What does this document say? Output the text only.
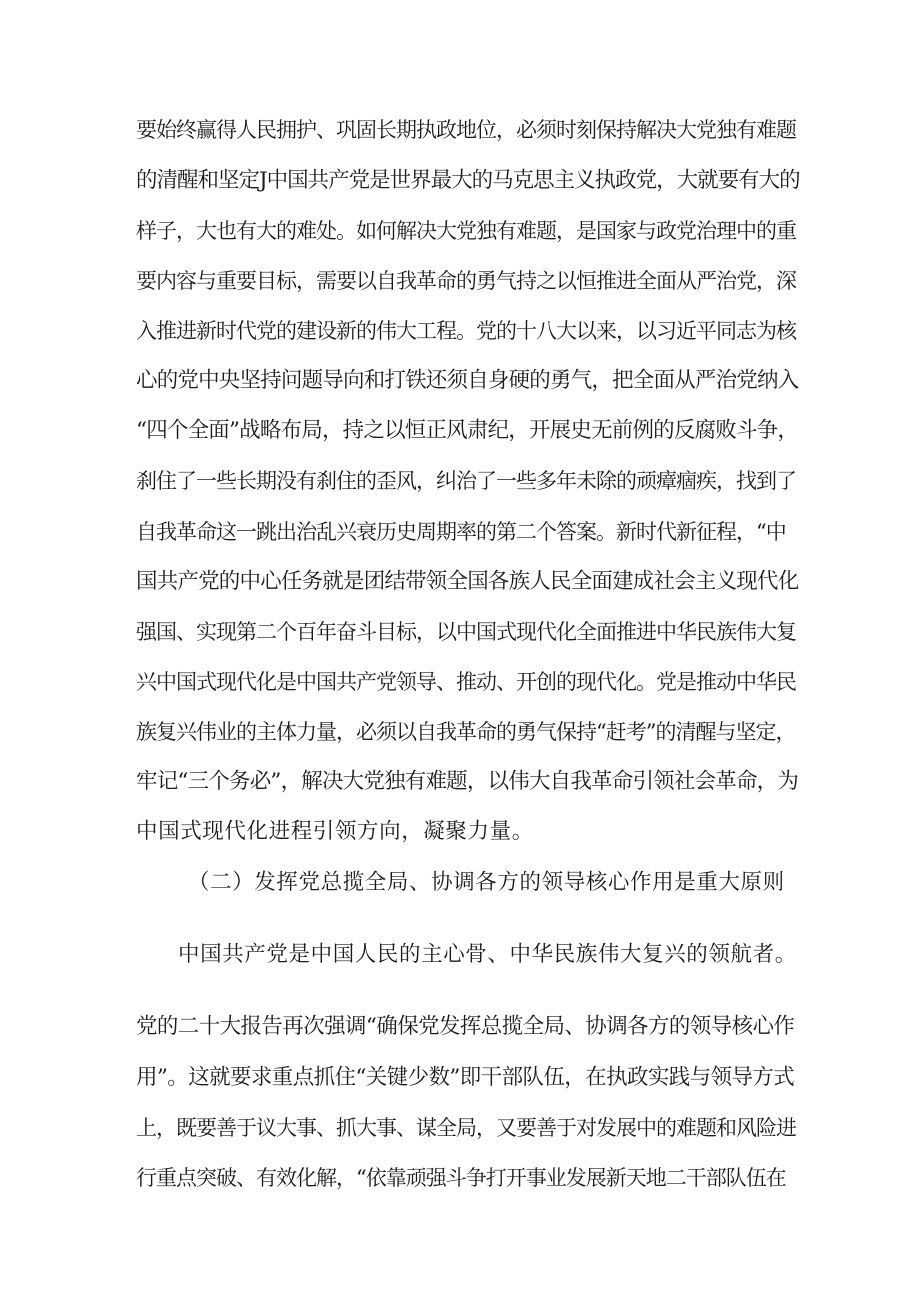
要始终赢得人民拥护、巩固长期执政地位，必须时刻保持解决大党独有难题

的清醒和坚定J中国共产党是世界最大的马克思主义执政党，大就要有大的

样子，大也有大的难处。如何解决大党独有难题，是国家与政党治理中的重

要内容与重要目标，需要以自我革命的勇气持之以恒推进全面从严治党，深

入推进新时代党的建设新的伟大工程。党的十八大以来，以习近平同志为核

心的党中央坚持问题导向和打铁还须自身硬的勇气，把全面从严治党纳入

“四个全面”战略布局，持之以恒正风肃纪，开展史无前例的反腐败斗争，

刹住了一些长期没有刹住的歪风，纠治了一些多年未除的顽瘴痼疾，找到了

自我革命这一跳出治乱兴衰历史周期率的第二个答案。新时代新征程，“中

国共产党的中心任务就是团结带领全国各族人民全面建成社会主义现代化

强国、实现第二个百年奋斗目标，以中国式现代化全面推进中华民族伟大复

兴中国式现代化是中国共产党领导、推动、开创的现代化。党是推动中华民

族复兴伟业的主体力量，必须以自我革命的勇气保持“赶考”的清醒与坚定，

牢记“三个务必”，解决大党独有难题，以伟大自我革命引领社会革命，为

中国式现代化进程引领方向，凝聚力量。

（二）发挥党总揽全局、协调各方的领导核心作用是重大原则

中国共产党是中国人民的主心骨、中华民族伟大复兴的领航者。

党的二十大报告再次强调“确保党发挥总揽全局、协调各方的领导核心作

用”。这就要求重点抓住“关键少数”即干部队伍，在执政实践与领导方式

上，既要善于议大事、抓大事、谋全局，又要善于对发展中的难题和风险进

行重点突破、有效化解，“依靠顽强斗争打开事业发展新天地二干部队伍在
